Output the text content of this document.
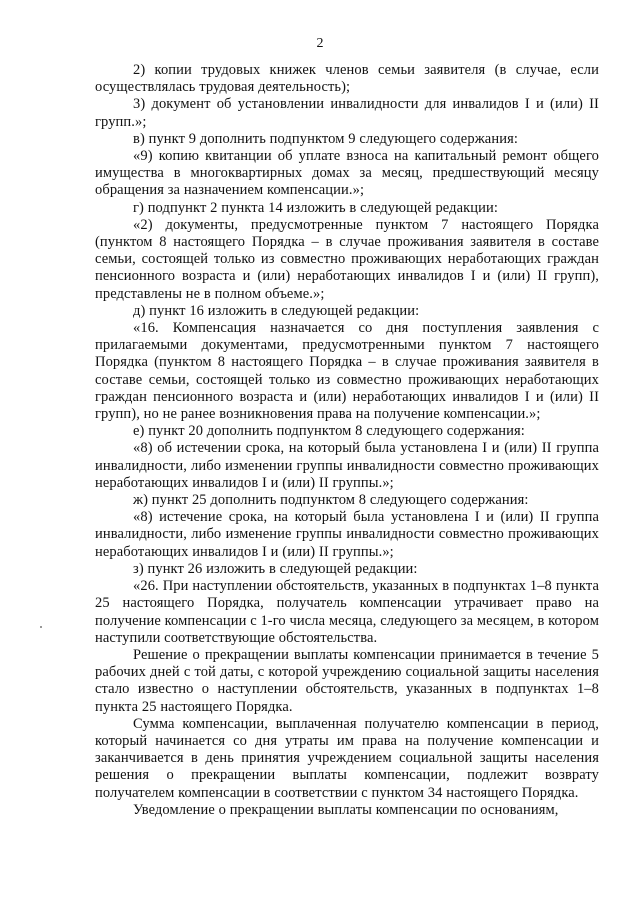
2

2) копии трудовых книжек членов семьи заявителя (в случае, если осуществлялась трудовая деятельность);

3) документ об установлении инвалидности для инвалидов I и (или) II групп.»;

в) пункт 9 дополнить подпунктом 9 следующего содержания:

«9) копию квитанции об уплате взноса на капитальный ремонт общего имущества в многоквартирных домах за месяц, предшествующий месяцу обращения за назначением компенсации.»;

г) подпункт 2 пункта 14 изложить в следующей редакции:

«2) документы, предусмотренные пунктом 7 настоящего Порядка (пунктом 8 настоящего Порядка – в случае проживания заявителя в составе семьи, состоящей только из совместно проживающих неработающих граждан пенсионного возраста и (или) неработающих инвалидов I и (или) II групп), представлены не в полном объеме.»;

д) пункт 16 изложить в следующей редакции:

«16. Компенсация назначается со дня поступления заявления с прилагаемыми документами, предусмотренными пунктом 7 настоящего Порядка (пунктом 8 настоящего Порядка – в случае проживания заявителя в составе семьи, состоящей только из совместно проживающих неработающих граждан пенсионного возраста и (или) неработающих инвалидов I и (или) II групп), но не ранее возникновения права на получение компенсации.»;

е) пункт 20 дополнить подпунктом 8 следующего содержания:

«8) об истечении срока, на который была установлена I и (или) II группа инвалидности, либо изменении группы инвалидности совместно проживающих неработающих инвалидов I и (или) II группы.»;

ж) пункт 25 дополнить подпунктом 8 следующего содержания:

«8) истечение срока, на который была установлена I и (или) II группа инвалидности, либо изменение группы инвалидности совместно проживающих неработающих инвалидов I и (или) II группы.»;

з) пункт 26 изложить в следующей редакции:

«26. При наступлении обстоятельств, указанных в подпунктах 1–8 пункта 25 настоящего Порядка, получатель компенсации утрачивает право на получение компенсации с 1-го числа месяца, следующего за месяцем, в котором наступили соответствующие обстоятельства.

Решение о прекращении выплаты компенсации принимается в течение 5 рабочих дней с той даты, с которой учреждению социальной защиты населения стало известно о наступлении обстоятельств, указанных в подпунктах 1–8 пункта 25 настоящего Порядка.

Сумма компенсации, выплаченная получателю компенсации в период, который начинается со дня утраты им права на получение компенсации и заканчивается в день принятия учреждением социальной защиты населения решения о прекращении выплаты компенсации, подлежит возврату получателем компенсации в соответствии с пунктом 34 настоящего Порядка.

Уведомление о прекращении выплаты компенсации по основаниям,
